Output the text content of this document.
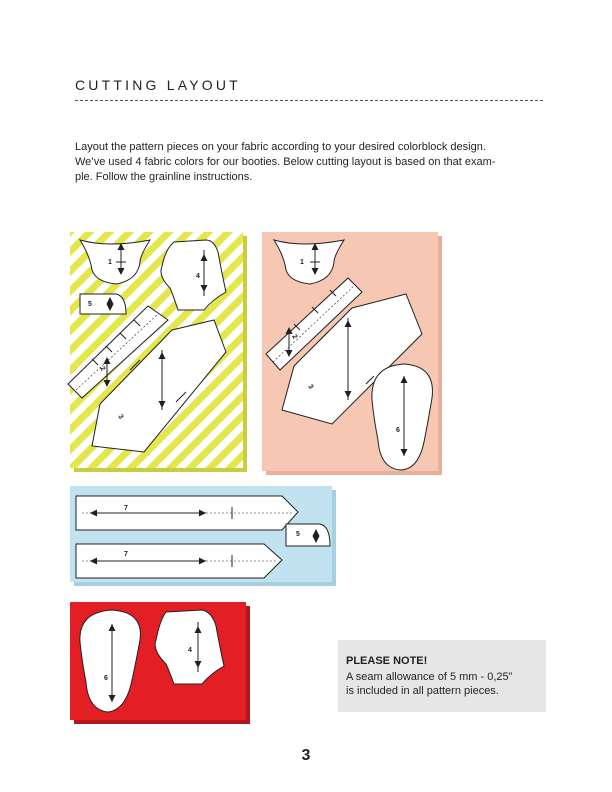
CUTTING LAYOUT
Layout the pattern pieces on your fabric according to your desired colorblock design.
We’ve used 4 fabric colors for our booties. Below cutting layout is based on that exam-
ple. Follow the grainline instructions.
1
4
5
2
3
1
2
3
6
7
5
7
6
4
PLEASE NOTE!
A seam allowance of 5 mm - 0,25”
is included in all pattern pieces.
3
